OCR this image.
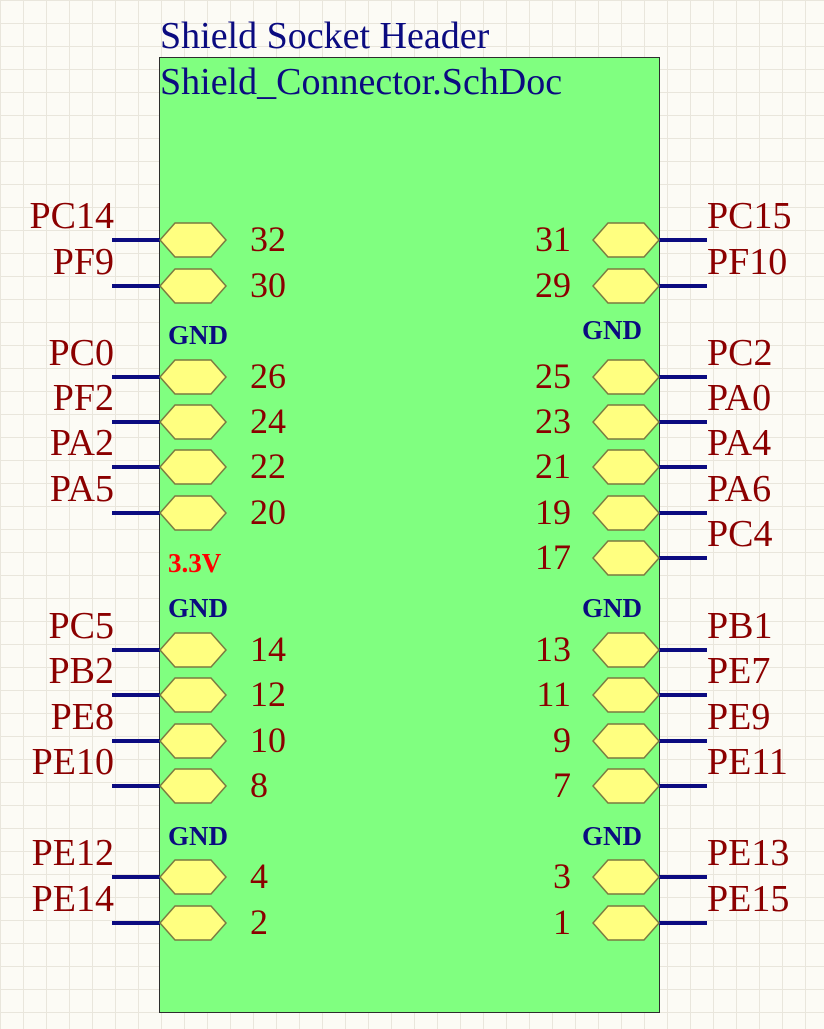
Shield Socket Header
Shield_Connector.SchDoc
PC14
32
PF9
30
PC0
26
PF2
24
PA2
22
PA5
20
PC5
14
PB2
12
PE8
10
PE10
8
PE12
4
PE14
2
PC15
31
PF10
29
PC2
25
PA0
23
PA4
21
PA6
19
PC4
17
PB1
13
PE7
11
PE9
9
PE11
7
PE13
3
PE15
1
GND
3.3V
GND
GND
GND
GND
GND
